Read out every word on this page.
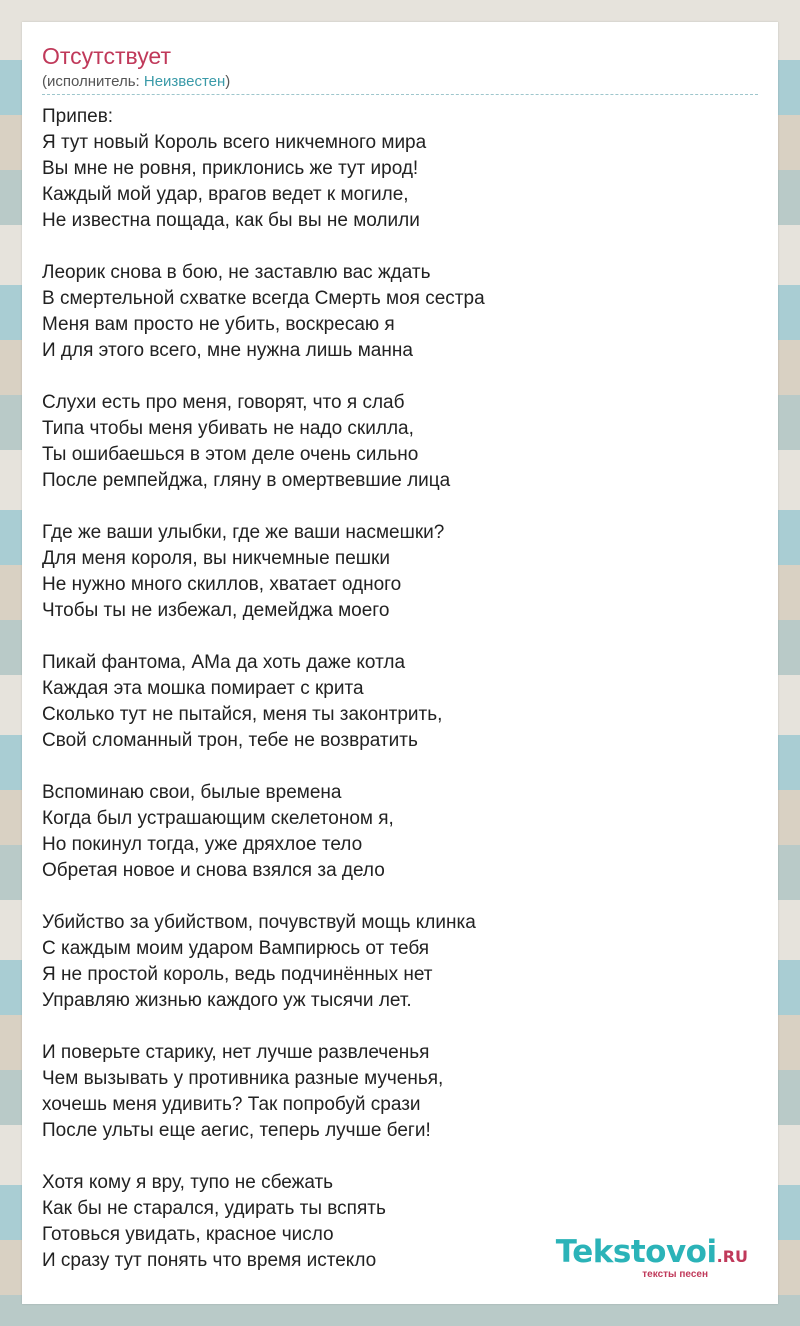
Отсутствует
(исполнитель: Неизвестен)
Припев:
Я тут новый Король всего никчемного мира
Вы мне не ровня, приклонись же тут ирод!
Каждый мой удар, врагов ведет к могиле,
Не известна пощада, как бы вы не молили
Леорик снова в бою, не заставлю вас ждать
В смертельной схватке всегда Смерть моя сестра
Меня вам просто не убить, воскресаю я
И для этого всего, мне нужна лишь манна
Слухи есть про меня, говорят, что я слаб
Типа чтобы меня убивать не надо скилла,
Ты ошибаешься в этом деле очень сильно
После ремпейджа, гляну в омертвевшие лица
Где же ваши улыбки, где же ваши насмешки?
Для меня короля, вы никчемные пешки
Не нужно много скиллов, хватает одного
Чтобы ты не избежал, демейджа моего
Пикай фантома, АМа да хоть даже котла
Каждая эта мошка помирает с крита
Сколько тут не пытайся, меня ты законтрить,
Свой сломанный трон, тебе не возвратить
Вспоминаю свои, былые времена
Когда был устрашающим скелетоном я,
Но покинул тогда, уже дряхлое тело
Обретая новое и снова взялся за дело
Убийство за убийством, почувствуй мощь клинка
С каждым моим ударом Вампирюсь от тебя
Я не простой король, ведь подчинённых нет
Управляю жизнью каждого уж тысячи лет.
И поверьте старику, нет лучше развлеченья
Чем вызывать у противника разные мученья,
хочешь меня удивить? Так попробуй срази
После ульты еще аегис, теперь лучше беги!
Хотя кому я вру, тупо не сбежать
Как бы не старался, удирать ты вспять
Готовься увидать, красное число
И сразу тут понять что время истекло	Tekstovoi.RU
тексты песен
